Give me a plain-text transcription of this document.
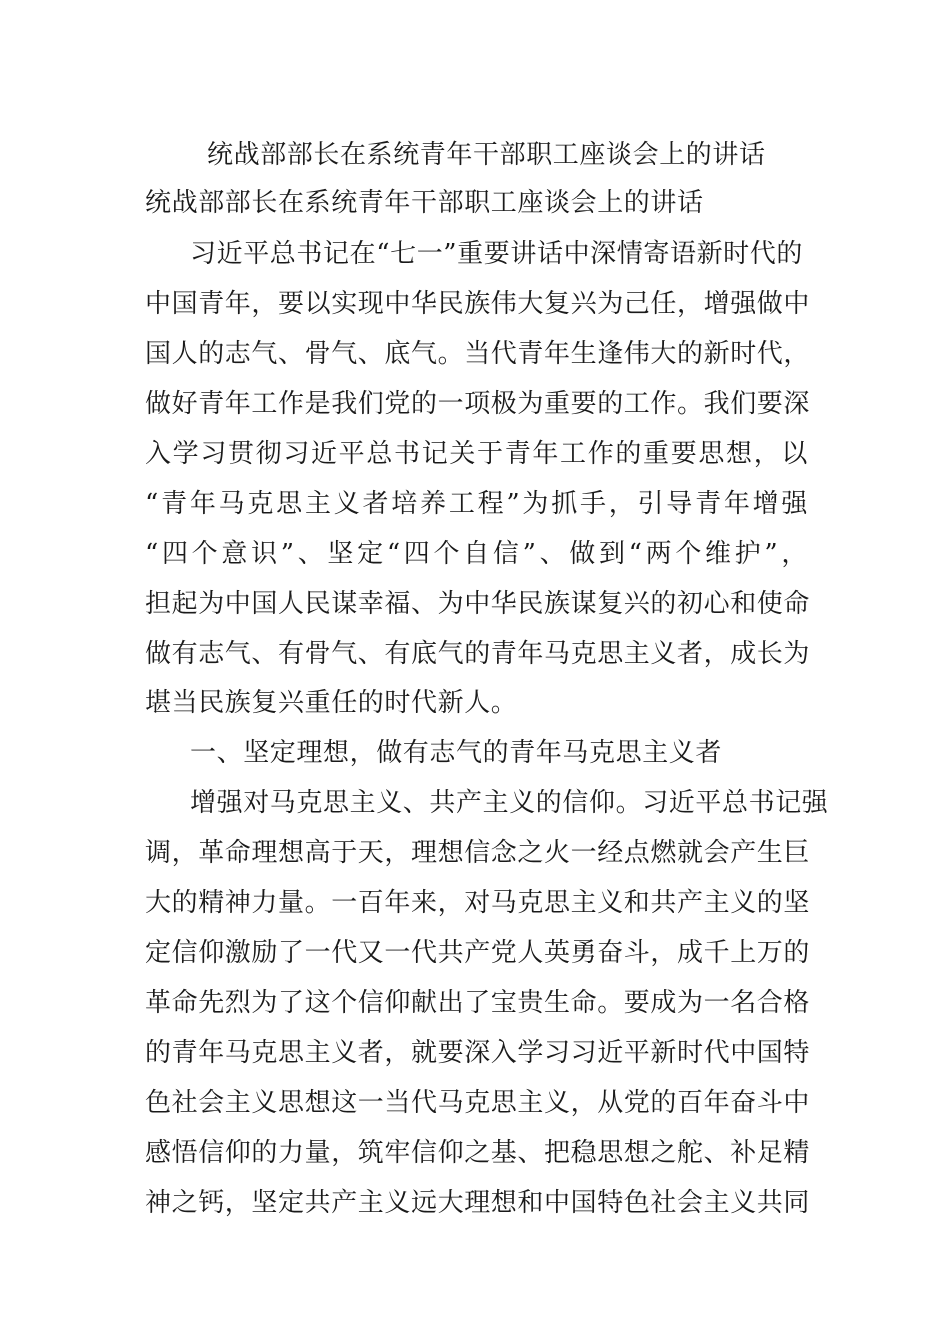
统战部部长在系统青年干部职工座谈会上的讲话
统战部部长在系统青年干部职工座谈会上的讲话
习近平总书记在“七一”重要讲话中深情寄语新时代的
中国青年，要以实现中华民族伟大复兴为己任，增强做中
国人的志气、骨气、底气。当代青年生逢伟大的新时代，
做好青年工作是我们党的一项极为重要的工作。我们要深
入学习贯彻习近平总书记关于青年工作的重要思想，以
“青年马克思主义者培养工程”为抓手，引导青年增强
“四个意识”、坚定“四个自信”、做到“两个维护”，
担起为中国人民谋幸福、为中华民族谋复兴的初心和使命
做有志气、有骨气、有底气的青年马克思主义者，成长为
堪当民族复兴重任的时代新人。
一、坚定理想，做有志气的青年马克思主义者
增强对马克思主义、共产主义的信仰。习近平总书记强
调，革命理想高于天，理想信念之火一经点燃就会产生巨
大的精神力量。一百年来，对马克思主义和共产主义的坚
定信仰激励了一代又一代共产党人英勇奋斗，成千上万的
革命先烈为了这个信仰献出了宝贵生命。要成为一名合格
的青年马克思主义者，就要深入学习习近平新时代中国特
色社会主义思想这一当代马克思主义，从党的百年奋斗中
感悟信仰的力量，筑牢信仰之基、把稳思想之舵、补足精
神之钙，坚定共产主义远大理想和中国特色社会主义共同
